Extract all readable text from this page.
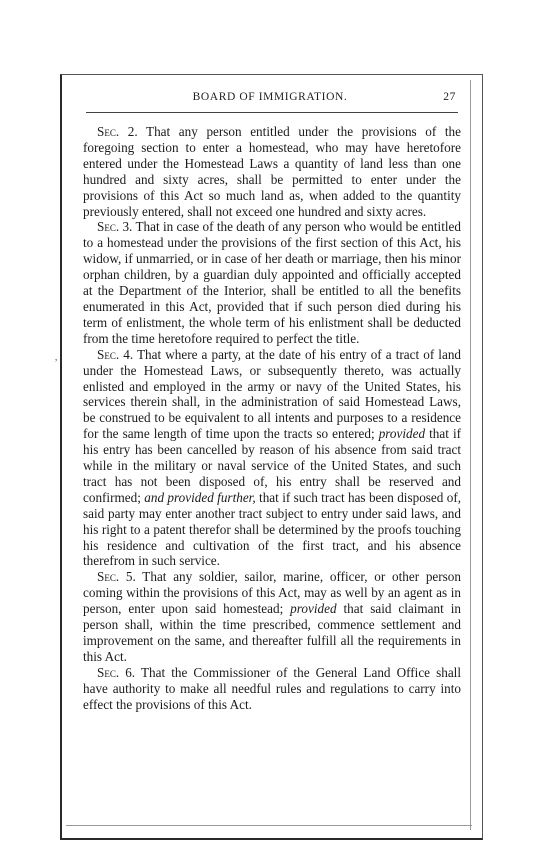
BOARD OF IMMIGRATION.	27
,

Sec. 2. That any person entitled under the provisions of the foregoing section to enter a homestead, who may have heretofore entered under the Homestead Laws a quantity of land less than one hundred and sixty acres, shall be permitted to enter under the provisions of this Act so much land as, when added to the quantity previously entered, shall not exceed one hundred and sixty acres.

Sec. 3. That in case of the death of any person who would be entitled to a homestead under the provisions of the first section of this Act, his widow, if unmarried, or in case of her death or marriage, then his minor orphan children, by a guardian duly appointed and officially accepted at the Department of the Interior, shall be entitled to all the benefits enumerated in this Act, provided that if such person died during his term of enlistment, the whole term of his enlistment shall be deducted from the time heretofore required to perfect the title.

Sec. 4. That where a party, at the date of his entry of a tract of land under the Homestead Laws, or subsequently thereto, was actually enlisted and employed in the army or navy of the United States, his services therein shall, in the administration of said Homestead Laws, be construed to be equivalent to all intents and purposes to a residence for the same length of time upon the tracts so entered; provided that if his entry has been cancelled by reason of his absence from said tract while in the military or naval service of the United States, and such tract has not been disposed of, his entry shall be reserved and confirmed; and provided further, that if such tract has been disposed of, said party may enter another tract subject to entry under said laws, and his right to a patent therefor shall be determined by the proofs touching his residence and cultivation of the first tract, and his absence therefrom in such service.

Sec. 5. That any soldier, sailor, marine, officer, or other person coming within the provisions of this Act, may as well by an agent as in person, enter upon said homestead; provided that said claimant in person shall, within the time prescribed, commence settlement and improvement on the same, and thereafter fulfill all the requirements in this Act.

Sec. 6. That the Commissioner of the General Land Office shall have authority to make all needful rules and regulations to carry into effect the provisions of this Act.
